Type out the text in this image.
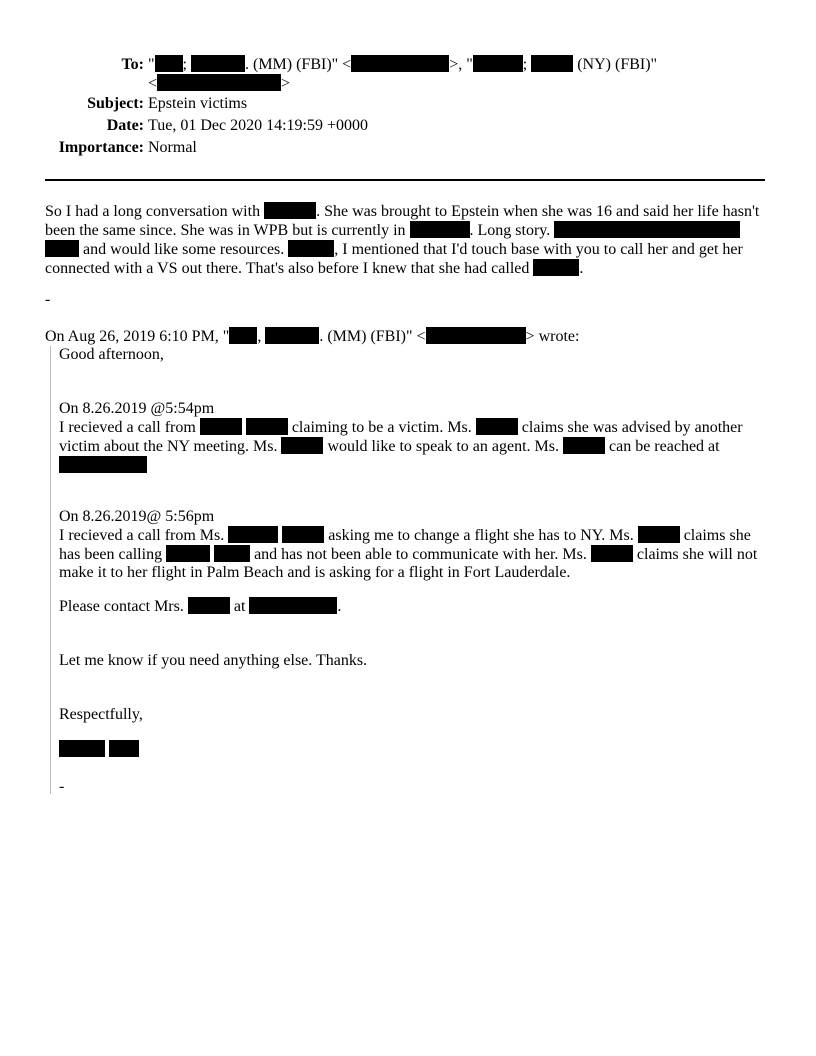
To: " ;	. (MM) (FBI)" <	>, "	;	(NY) (FBI)"
<	>
Subject: Epstein victims
Date: Tue, 01 Dec 2020 14:19:59 +0000
Importance: Normal

So I had a long conversation with	. She was brought to Epstein when she was 16 and said her life hasn't been the same since. She was in WPB but is currently in	. Long story.   and would like some resources.	, I mentioned that I'd touch base with you to call her and get her connected with a VS out there. That's also before I knew that she had called	.

-
On Aug 26, 2019 6:10 PM, " ,	. (MM) (FBI)" <	> wrote:

Good afternoon,

On 8.26.2019 @5:54pm
I recieved a call from	claiming to be a victim. Ms.	claims she was advised by another victim about the NY meeting. Ms.	would like to speak to an agent. Ms.	can be reached at

On 8.26.2019@ 5:56pm
I recieved a call from Ms.	asking me to change a flight she has to NY. Ms.	claims she has been calling	and has not been able to communicate with her. Ms.	claims she will not make it to her flight in Palm Beach and is asking for a flight in Fort Lauderdale.

Please contact Mrs.	at	.

Let me know if you need anything else. Thanks.

Respectfully,

-
